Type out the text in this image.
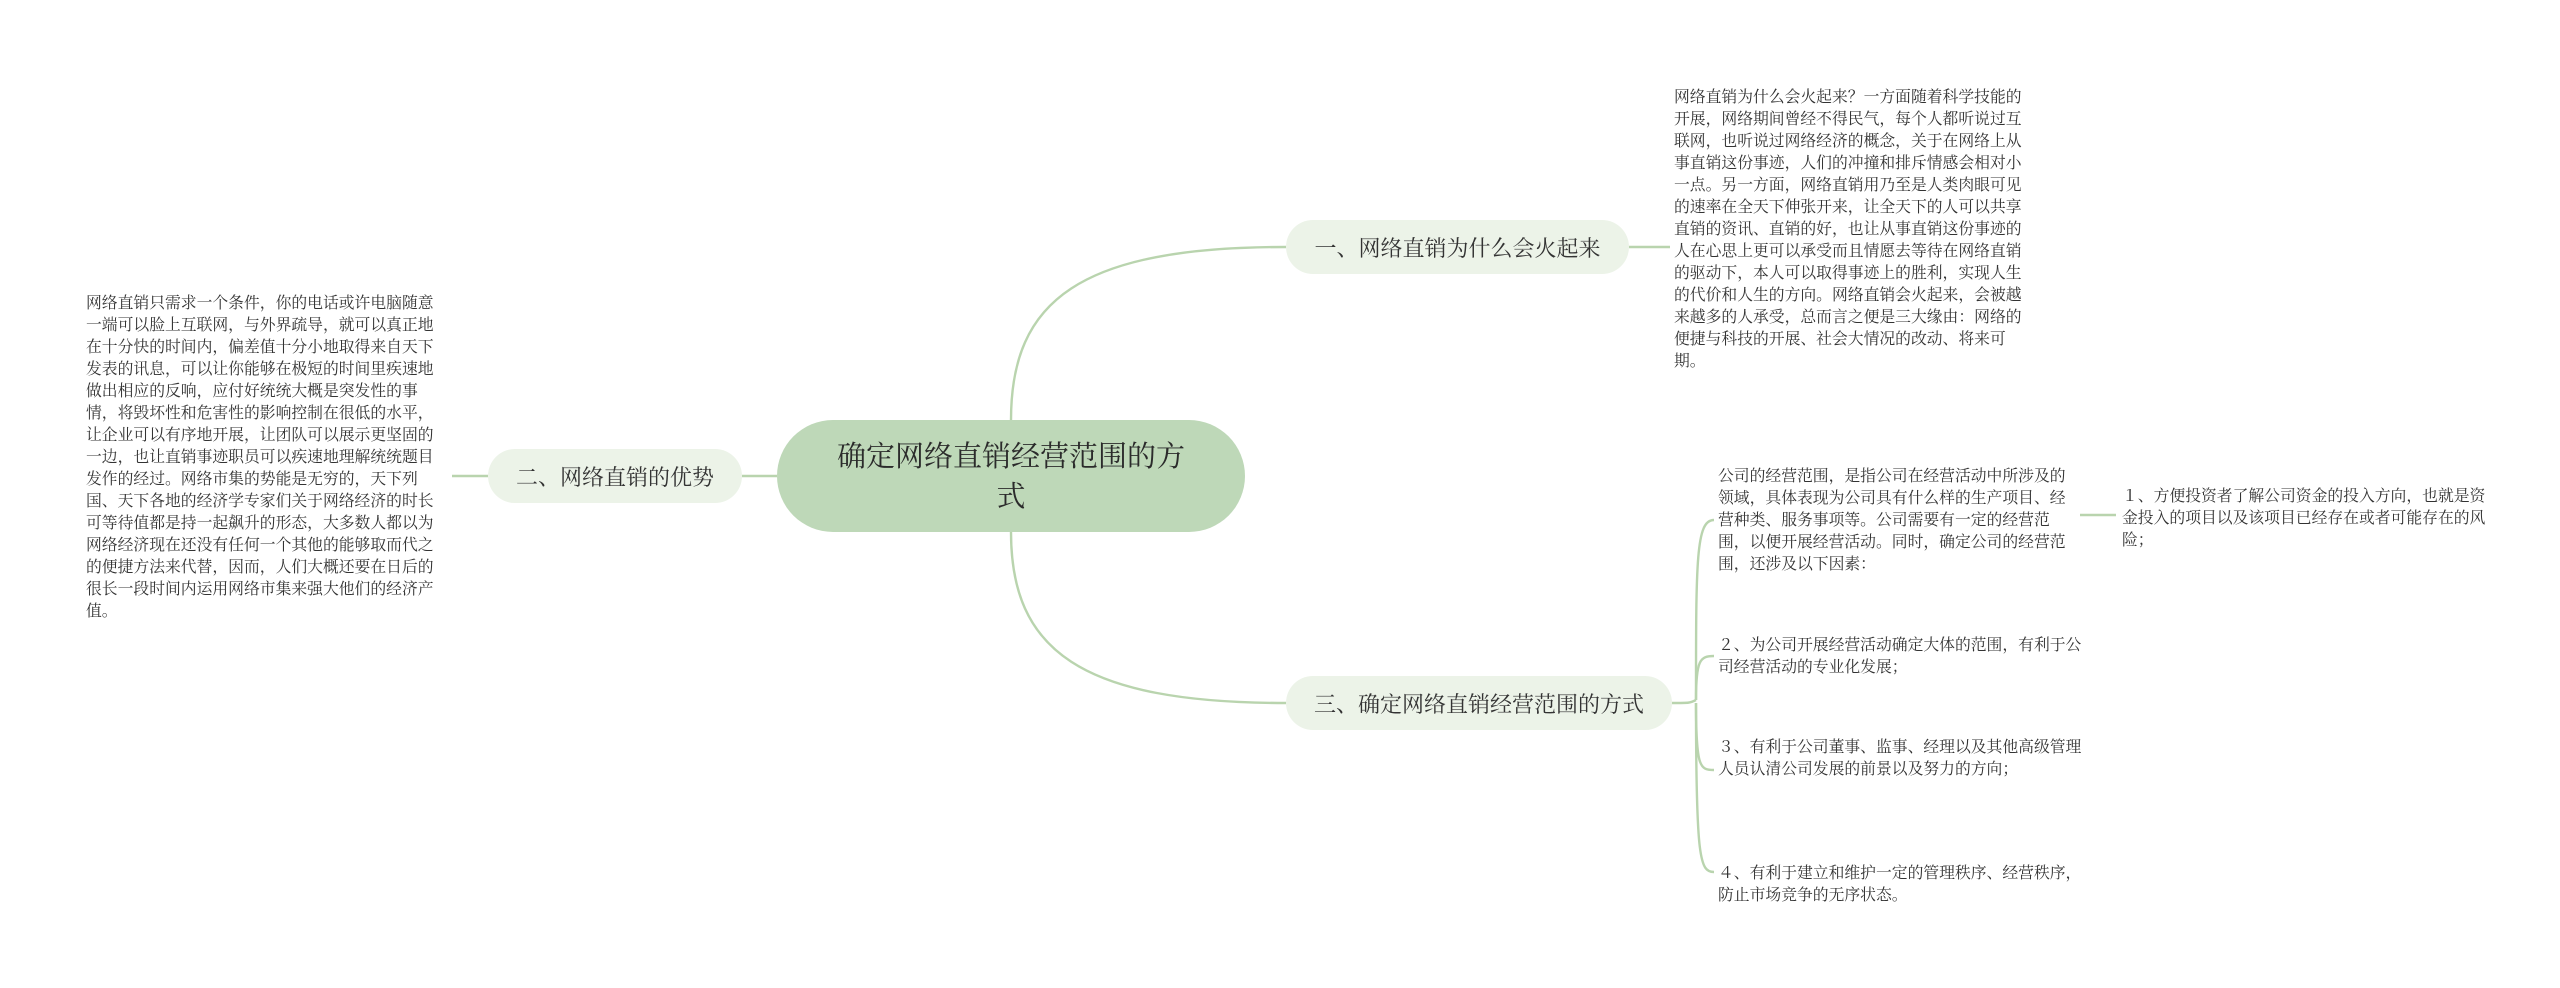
确定网络直销经营范围的方式
一、网络直销为什么会火起来
二、网络直销的优势
三、确定网络直销经营范围的方式
网络直销为什么会火起来？一方面随着科学技能的开展，网络期间曾经不得民气，每个人都听说过互联网，也听说过网络经济的概念，关于在网络上从事直销这份事迹，人们的冲撞和排斥情感会相对小一点。另一方面，网络直销用乃至是人类肉眼可见的速率在全天下伸张开来，让全天下的人可以共享直销的资讯、直销的好，也让从事直销这份事迹的人在心思上更可以承受而且情愿去等待在网络直销的驱动下，本人可以取得事迹上的胜利，实现人生的代价和人生的方向。网络直销会火起来，会被越来越多的人承受，总而言之便是三大缘由：网络的便捷与科技的开展、社会大情况的改动、将来可期。
网络直销只需求一个条件，你的电话或许电脑随意一端可以脸上互联网，与外界疏导，就可以真正地在十分快的时间内，偏差值十分小地取得来自天下发表的讯息，可以让你能够在极短的时间里疾速地做出相应的反响，应付好统统大概是突发性的事情，将毁坏性和危害性的影响控制在很低的水平，让企业可以有序地开展，让团队可以展示更坚固的一边，也让直销事迹职员可以疾速地理解统统题目发作的经过。网络市集的势能是无穷的，天下列国、天下各地的经济学专家们关于网络经济的时长可等待值都是持一起飙升的形态，大多数人都以为网络经济现在还没有任何一个其他的能够取而代之的便捷方法来代替，因而，人们大概还要在日后的很长一段时间内运用网络市集来强大他们的经济产值。
公司的经营范围，是指公司在经营活动中所涉及的领域，具体表现为公司具有什么样的生产项目、经营种类、服务事项等。公司需要有一定的经营范围，以便开展经营活动。同时，确定公司的经营范围，还涉及以下因素：
２、为公司开展经营活动确定大体的范围，有利于公司经营活动的专业化发展；
３、有利于公司董事、监事、经理以及其他高级管理人员认清公司发展的前景以及努力的方向；
４、有利于建立和维护一定的管理秩序、经营秩序，防止市场竞争的无序状态。
１、方便投资者了解公司资金的投入方向，也就是资金投入的项目以及该项目已经存在或者可能存在的风险；
